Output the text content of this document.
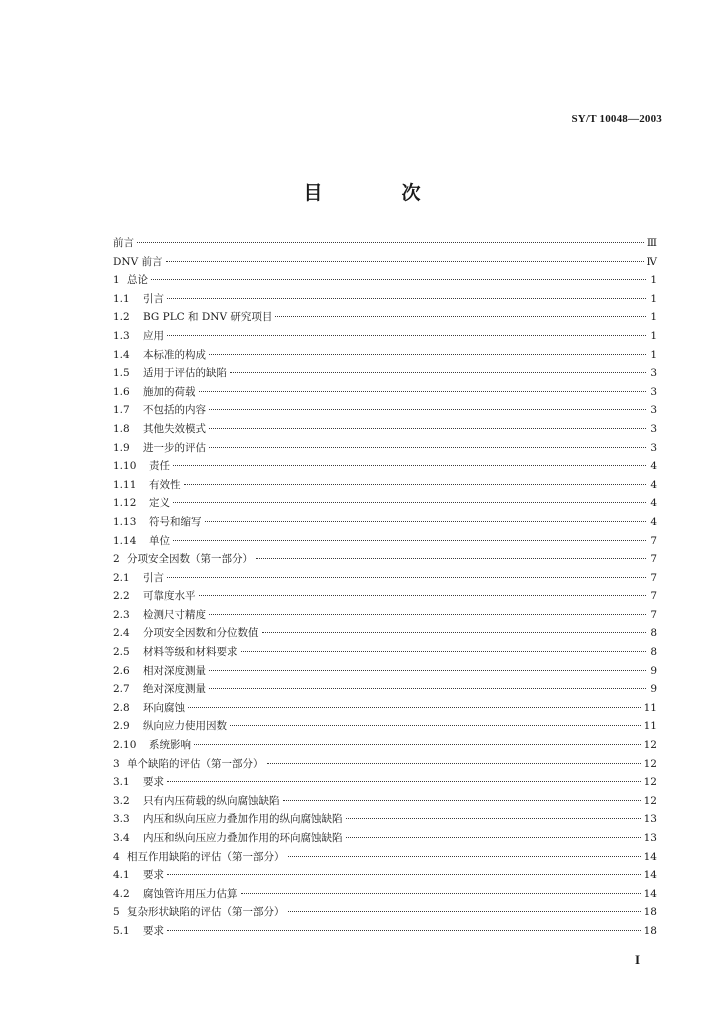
SY/T 10048—2003
目　次
前言	Ⅲ
DNV 前言	Ⅳ
1 总论	1
1.1	引言	1
1.2	BG PLC 和 DNV 研究项目	1
1.3	应用	1
1.4	本标准的构成	1
1.5	适用于评估的缺陷	3
1.6	施加的荷载	3
1.7	不包括的内容	3
1.8	其他失效模式	3
1.9	进一步的评估	3
1.10	责任	4
1.11	有效性	4
1.12	定义	4
1.13	符号和缩写	4
1.14	单位	7
2 分项安全因数（第一部分）	7
2.1	引言	7
2.2	可靠度水平	7
2.3	检测尺寸精度	7
2.4	分项安全因数和分位数值	8
2.5	材料等级和材料要求	8
2.6	相对深度测量	9
2.7	绝对深度测量	9
2.8	环向腐蚀	11
2.9	纵向应力使用因数	11
2.10	系统影响	12
3 单个缺陷的评估（第一部分）	12
3.1	要求	12
3.2	只有内压荷载的纵向腐蚀缺陷	12
3.3	内压和纵向压应力叠加作用的纵向腐蚀缺陷	13
3.4	内压和纵向压应力叠加作用的环向腐蚀缺陷	13
4 相互作用缺陷的评估（第一部分）	14
4.1	要求	14
4.2	腐蚀管许用压力估算	14
5 复杂形状缺陷的评估（第一部分）	18
5.1	要求	18
I
